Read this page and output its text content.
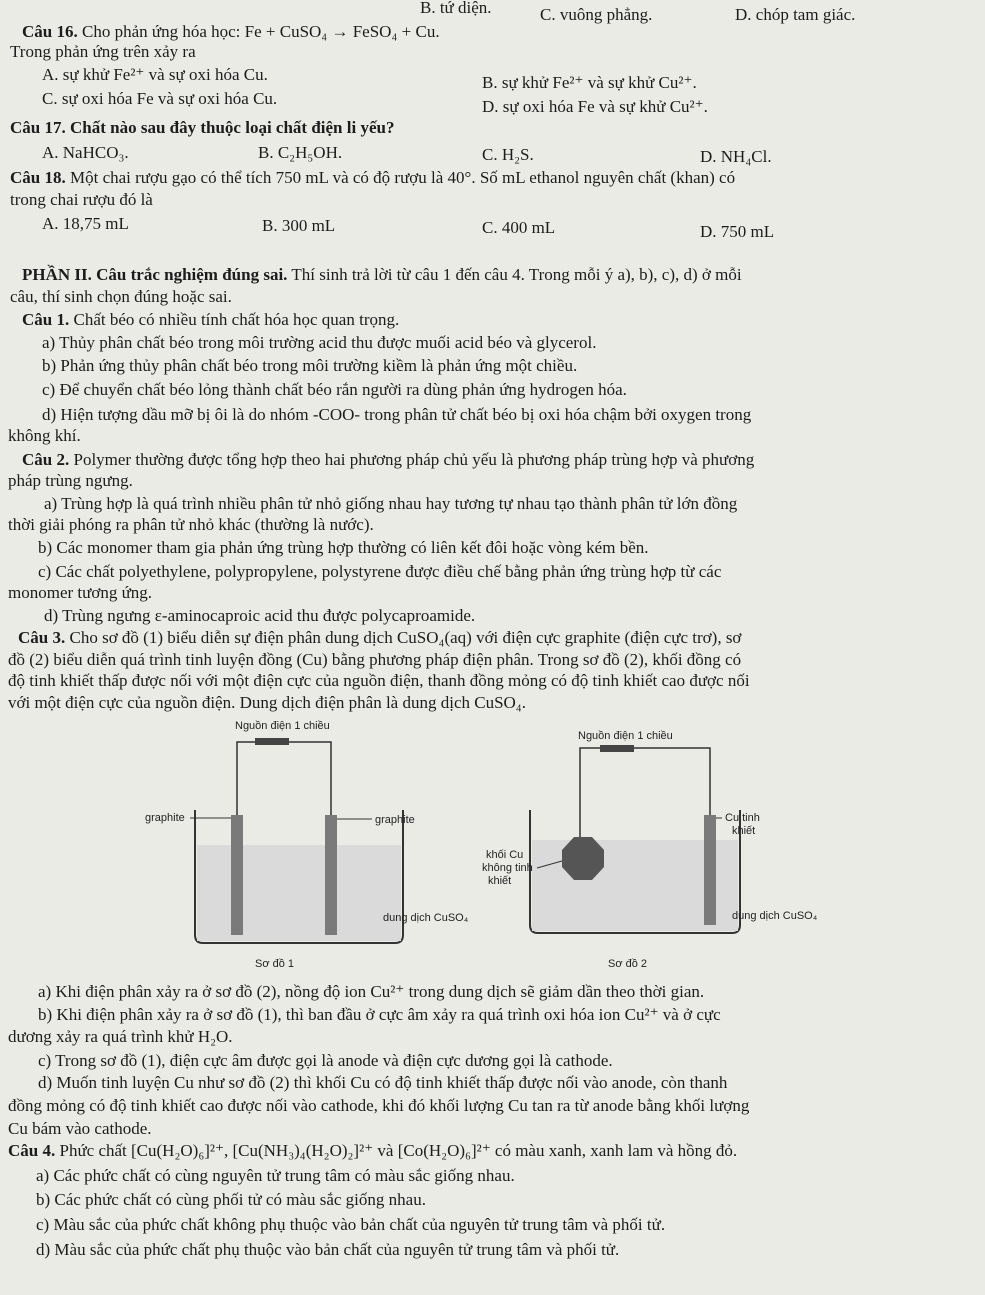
B. tứ diện.	C. vuông phẳng.	D. chóp tam giác.
Câu 16. Cho phản ứng hóa học: Fe + CuSO₄ → FeSO₄ + Cu.
Trong phản ứng trên xảy ra
A. sự khử Fe²⁺ và sự oxi hóa Cu.	B. sự khử Fe²⁺ và sự khử Cu²⁺.
C. sự oxi hóa Fe và sự oxi hóa Cu.	D. sự oxi hóa Fe và sự khử Cu²⁺.
Câu 17. Chất nào sau đây thuộc loại chất điện li yếu?
A. NaHCO₃.	B. C₂H₅OH.	C. H₂S.	D. NH₄Cl.
Câu 18. Một chai rượu gạo có thể tích 750 mL và có độ rượu là 40°. Số mL ethanol nguyên chất (khan) có
trong chai rượu đó là
A. 18,75 mL	B. 300 mL	C. 400 mL	D. 750 mL
PHẦN II. Câu trắc nghiệm đúng sai. Thí sinh trả lời từ câu 1 đến câu 4. Trong mỗi ý a), b), c), d) ở mỗi
câu, thí sinh chọn đúng hoặc sai.
Câu 1. Chất béo có nhiều tính chất hóa học quan trọng.
a) Thủy phân chất béo trong môi trường acid thu được muối acid béo và glycerol.
b) Phản ứng thủy phân chất béo trong môi trường kiềm là phản ứng một chiều.
c) Để chuyển chất béo lỏng thành chất béo rắn người ra dùng phản ứng hydrogen hóa.
d) Hiện tượng dầu mỡ bị ôi là do nhóm -COO- trong phân tử chất béo bị oxi hóa chậm bởi oxygen trong
không khí.
Câu 2. Polymer thường được tổng hợp theo hai phương pháp chủ yếu là phương pháp trùng hợp và phương
pháp trùng ngưng.
a) Trùng hợp là quá trình nhiều phân tử nhỏ giống nhau hay tương tự nhau tạo thành phân tử lớn đồng
thời giải phóng ra phân tử nhỏ khác (thường là nước).
b) Các monomer tham gia phản ứng trùng hợp thường có liên kết đôi hoặc vòng kém bền.
c) Các chất polyethylene, polypropylene, polystyrene được điều chế bằng phản ứng trùng hợp từ các
monomer tương ứng.
d) Trùng ngưng ε-aminocaproic acid thu được polycaproamide.
Câu 3. Cho sơ đồ (1) biểu diễn sự điện phân dung dịch CuSO₄(aq) với điện cực graphite (điện cực trơ), sơ
đồ (2) biểu diễn quá trình tinh luyện đồng (Cu) bằng phương pháp điện phân. Trong sơ đồ (2), khối đồng có
độ tinh khiết thấp được nối với một điện cực của nguồn điện, thanh đồng mỏng có độ tinh khiết cao được nối
với một điện cực của nguồn điện. Dung dịch điện phân là dung dịch CuSO₄.
Nguồn điện 1 chiều
graphite	graphite
dung dịch CuSO₄
Sơ đồ 1
Nguồn điện 1 chiều
Cu tinh
khiết
khối Cu
không tinh
khiết
dung dịch CuSO₄
Sơ đồ 2
a) Khi điện phân xảy ra ở sơ đồ (2), nồng độ ion Cu²⁺ trong dung dịch sẽ giảm dần theo thời gian.
b) Khi điện phân xảy ra ở sơ đồ (1), thì ban đầu ở cực âm xảy ra quá trình oxi hóa ion Cu²⁺ và ở cực
dương xảy ra quá trình khử H₂O.
c) Trong sơ đồ (1), điện cực âm được gọi là anode và điện cực dương gọi là cathode.
d) Muốn tinh luyện Cu như sơ đồ (2) thì khối Cu có độ tinh khiết thấp được nối vào anode, còn thanh
đồng mỏng có độ tinh khiết cao được nối vào cathode, khi đó khối lượng Cu tan ra từ anode bằng khối lượng
Cu bám vào cathode.
Câu 4. Phức chất [Cu(H₂O)₆]²⁺, [Cu(NH₃)₄(H₂O)₂]²⁺ và [Co(H₂O)₆]²⁺ có màu xanh, xanh lam và hồng đỏ.
a) Các phức chất có cùng nguyên tử trung tâm có màu sắc giống nhau.
b) Các phức chất có cùng phối tử có màu sắc giống nhau.
c) Màu sắc của phức chất không phụ thuộc vào bản chất của nguyên tử trung tâm và phối tử.
d) Màu sắc của phức chất phụ thuộc vào bản chất của nguyên tử trung tâm và phối tử.
